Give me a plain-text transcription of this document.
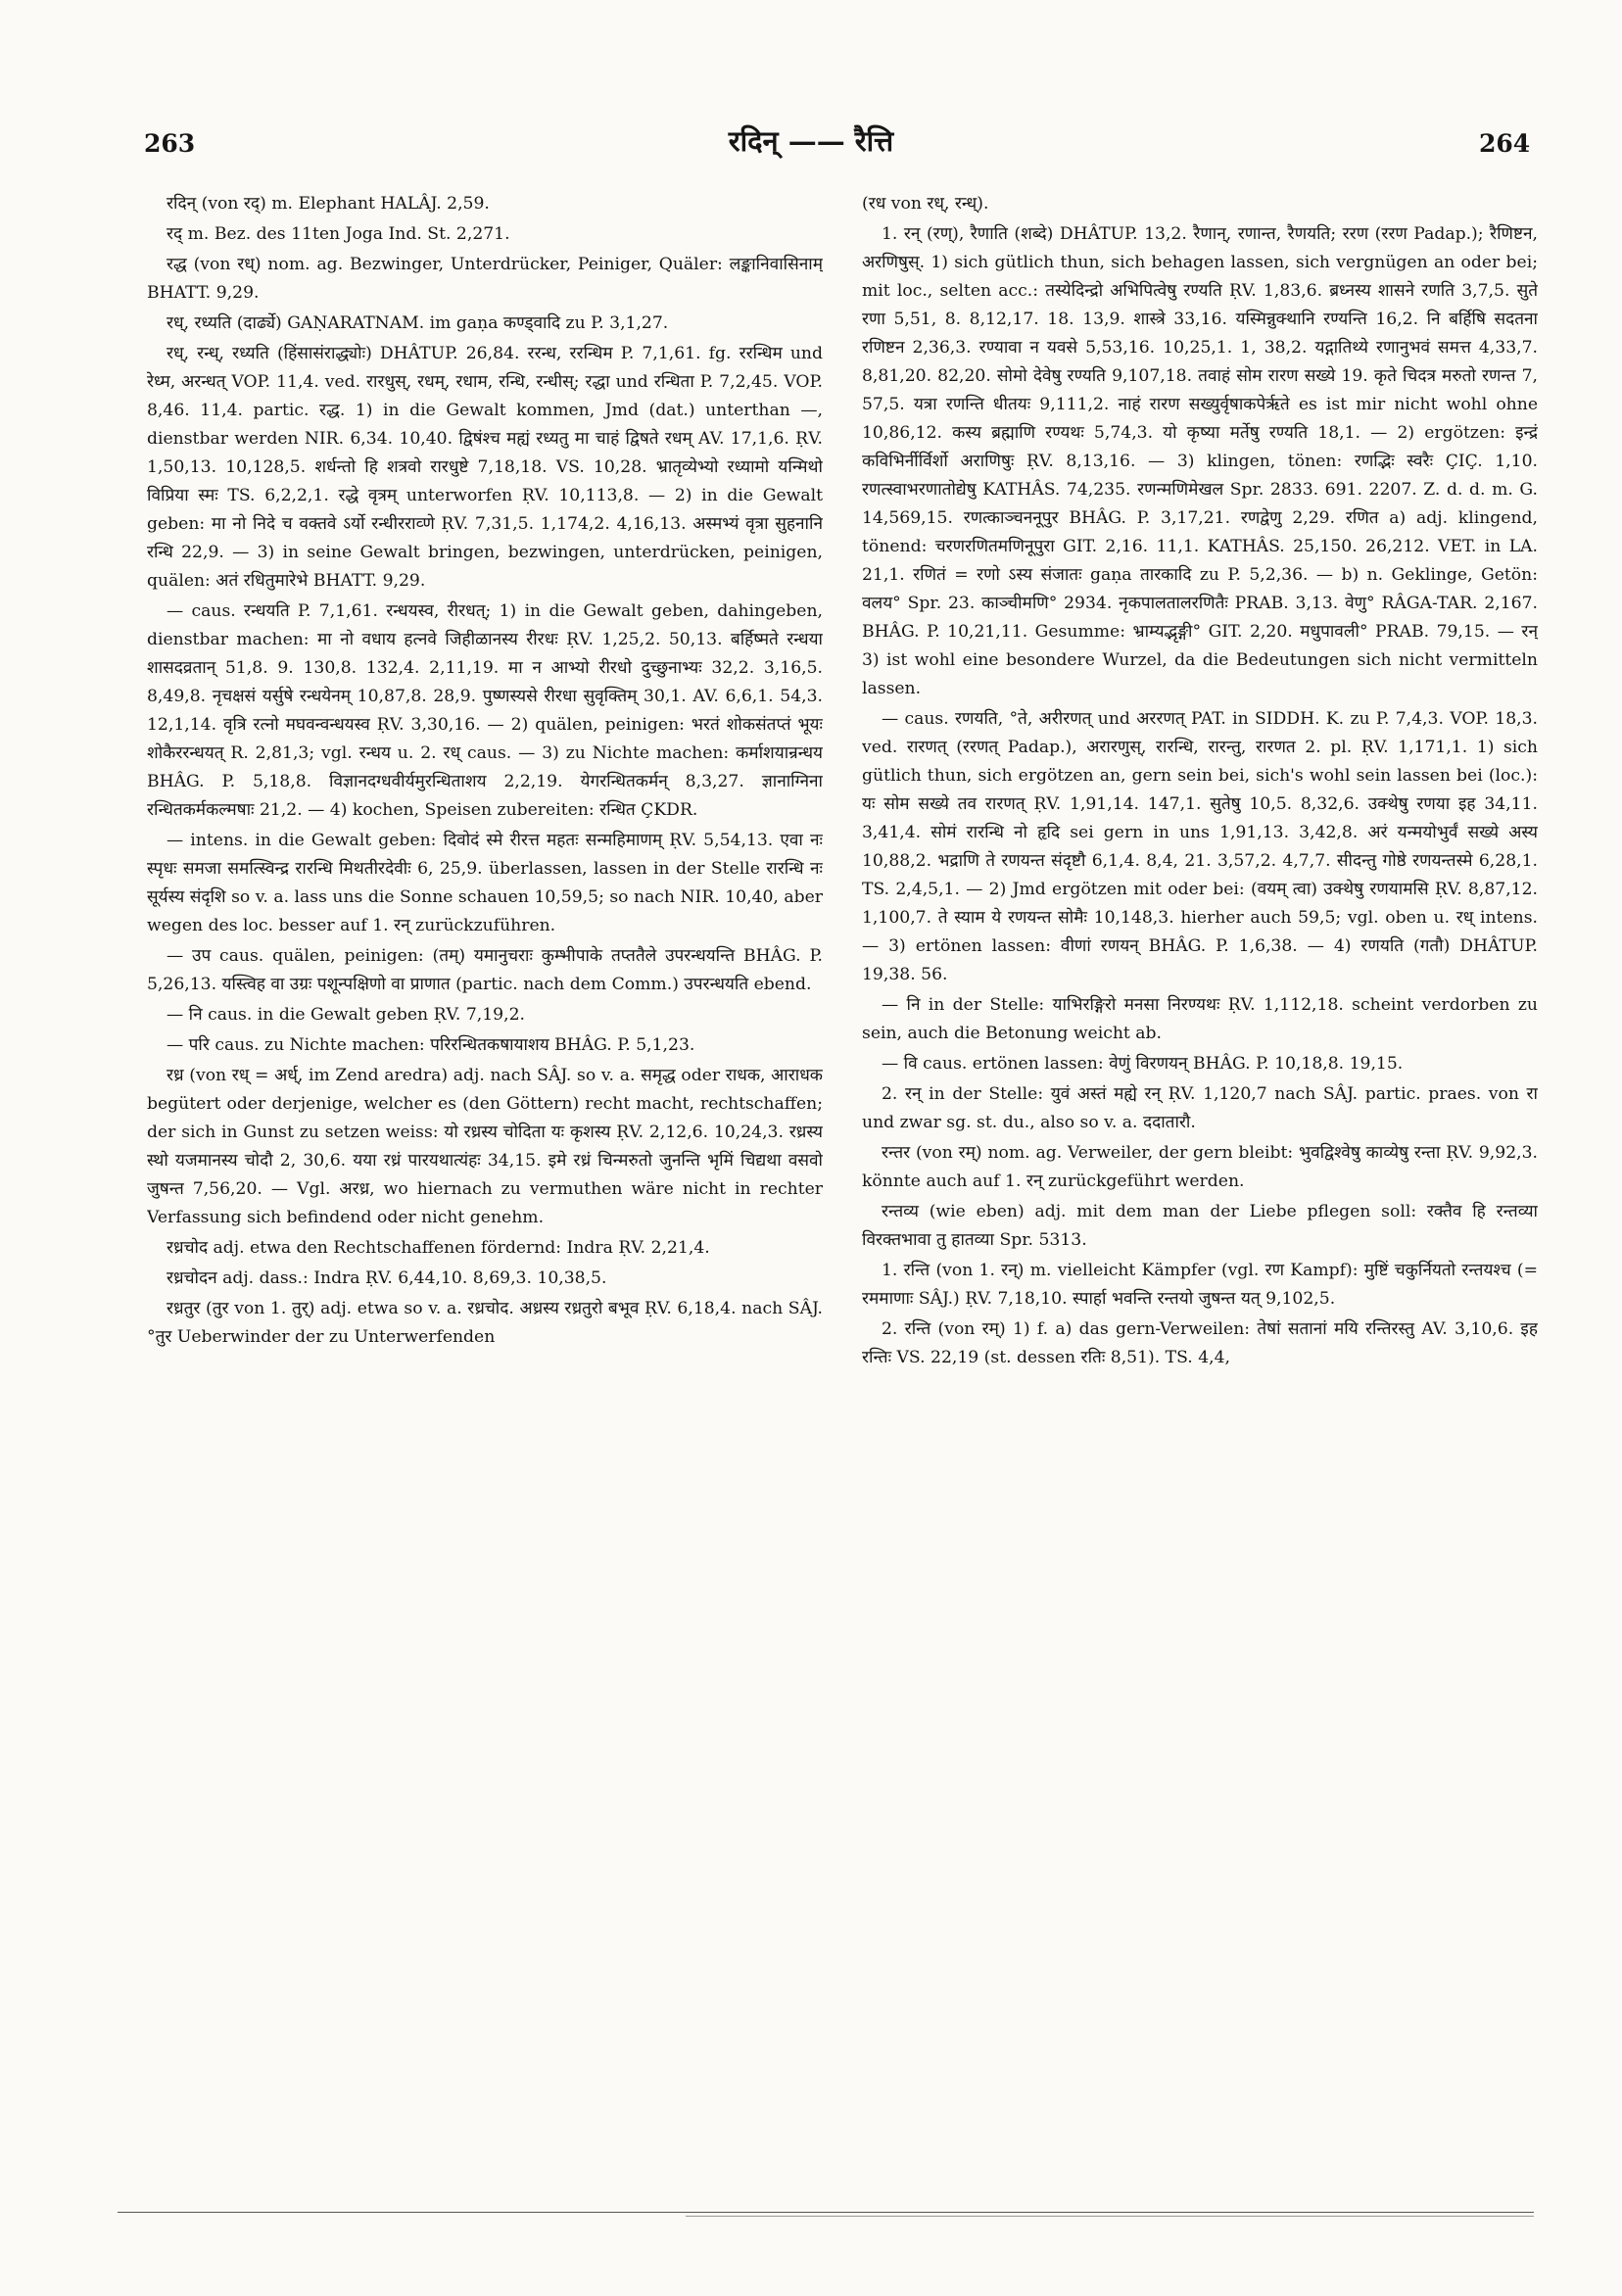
263	रदिन् —— रैत्ति	264

रदिन् (von रद्) m. Elephant HALÂJ. 2,59.

रद् m. Bez. des 11ten Joga Ind. St. 2,271.

रद्ध (von रध्) nom. ag. Bezwinger, Unterdrücker, Peiniger, Quäler: लङ्कानिवासिनाम् BHATT. 9,29.

रध्, रध्यति (दार्ढ्ये) GAṆARATNAM. im gaṇa कण्ड्वादि zu P. 3,1,27.

रध्, रन्ध्, रध्यति (हिंसासंराद्ध्योः) DHÂTUP. 26,84. ररन्ध, ररन्धिम P. 7,1,61. fg. ररन्धिम und रेध्म, अरन्धत् VOP. 11,4. ved. रारधुस्, रधम्, रधाम, रन्धि, रन्धीस्; रद्धा und रन्धिता P. 7,2,45. VOP. 8,46. 11,4. partic. रद्ध. 1) in die Gewalt kommen, Jmd (dat.) unterthan —, dienstbar werden NIR. 6,34. 10,40. द्विषंश्च मह्यं रध्यतु मा चाहं द्विषते रधम् AV. 17,1,6. ṚV. 1,50,13. 10,128,5. शर्धन्तो हि शत्रवो रारधुष्टे 7,18,18. VS. 10,28. भ्रातृव्येभ्यो रध्यामो यन्मिथो विप्रिया स्मः TS. 6,2,2,1. रद्धे वृत्रम् unterworfen ṚV. 10,113,8. — 2) in die Gewalt geben: मा नो निदे च वक्तवे ऽर्यो रन्धीरराव्णे ṚV. 7,31,5. 1,174,2. 4,16,13. अस्मभ्यं वृत्रा सुहनानि रन्धि 22,9. — 3) in seine Gewalt bringen, bezwingen, unterdrücken, peinigen, quälen: अतं रधितुमारेभे BHATT. 9,29.

— caus. रन्धयति P. 7,1,61. रन्धयस्व, रीरधत्; 1) in die Gewalt geben, dahingeben, dienstbar machen: मा नो वधाय हत्नवे जिहीळानस्य रीरधः ṚV. 1,25,2. 50,13. बर्हिष्मते रन्धया शासदव्रतान् 51,8. 9. 130,8. 132,4. 2,11,19. मा न आभ्यो रीरधो दुच्छुनाभ्यः 32,2. 3,16,5. 8,49,8. नृचक्षसं यर्सुषे रन्धयेनम् 10,87,8. 28,9. पुष्णस्यसे रीरधा सुवृक्तिम् 30,1. AV. 6,6,1. 54,3. 12,1,14. वृत्रि रत्नो मघवन्वन्धयस्व ṚV. 3,30,16. — 2) quälen, peinigen: भरतं शोकसंतप्तं भूयः शोकैररन्धयत् R. 2,81,3; vgl. रन्धय u. 2. रध् caus. — 3) zu Nichte machen: कर्माशयान्रन्धय BHÂG. P. 5,18,8. विज्ञानदग्धवीर्यमुरन्धिताशय 2,2,19. येगरन्धितकर्मन् 8,3,27. ज्ञानाग्निना रन्धितकर्मकल्मषाः 21,2. — 4) kochen, Speisen zubereiten: रन्धित ÇKDR.

— intens. in die Gewalt geben: दिवोदं स्मे रीरत्त महतः सन्महिमाणम् ṚV. 5,54,13. एवा नः स्पृधः समजा समत्स्विन्द्र रारन्धि मिथतीरदेवीः 6, 25,9. überlassen, lassen in der Stelle रारन्धि नः सूर्यस्य संदृशि so v. a. lass uns die Sonne schauen 10,59,5; so nach NIR. 10,40, aber wegen des loc. besser auf 1. रन् zurückzuführen.

— उप caus. quälen, peinigen: (तम्) यमानुचराः कुम्भीपाके तप्ततैले उपरन्धयन्ति BHÂG. P. 5,26,13. यस्त्विह वा उग्रः पशून्पक्षिणो वा प्राणात (partic. nach dem Comm.) उपरन्धयति ebend.

— नि caus. in die Gewalt geben ṚV. 7,19,2.

— परि caus. zu Nichte machen: परिरन्धितकषायाशय BHÂG. P. 5,1,23.

रध्र (von रध् = अर्ध्, im Zend aredra) adj. nach SÂJ. so v. a. समृद्ध oder राधक, आराधक begütert oder derjenige, welcher es (den Göttern) recht macht, rechtschaffen; der sich in Gunst zu setzen weiss: यो रध्रस्य चोदिता यः कृशस्य ṚV. 2,12,6. 10,24,3. रध्रस्य स्थो यजमानस्य चोदौ 2, 30,6. यया रध्रं पारयथात्यंहः 34,15. इमे रध्रं चिन्मरुतो जुनन्ति भृमिं चिद्यथा वसवो जुषन्त 7,56,20. — Vgl. अरध्र, wo hiernach zu vermuthen wäre nicht in rechter Verfassung sich befindend oder nicht genehm.

रध्रचोद adj. etwa den Rechtschaffenen fördernd: Indra ṚV. 2,21,4.

रध्रचोदन adj. dass.: Indra ṚV. 6,44,10. 8,69,3. 10,38,5.

रध्रतुर (तुर von 1. तुर्) adj. etwa so v. a. रध्रचोद. अध्रस्य रध्रतुरो बभूव ṚV. 6,18,4. nach SÂJ. °तुर Ueberwinder der zu Unterwerfenden

(रध von रध्, रन्ध्).

1. रन् (रण्), रैणाति (शब्दे) DHÂTUP. 13,2. रैणान्, रणान्त, रैणयति; ररण (ररण Padap.); रैणिष्टन, अरणिषुस्. 1) sich gütlich thun, sich behagen lassen, sich vergnügen an oder bei; mit loc., selten acc.: तस्येदिन्द्रो अभिपित्वेषु रण्यति ṚV. 1,83,6. ब्रध्नस्य शासने रणति 3,7,5. सुते रणा 5,51, 8. 8,12,17. 18. 13,9. शास्त्रे 33,16. यस्मिन्नुक्थानि रण्यन्ति 16,2. नि बर्हिषि सदतना रणिष्टन 2,36,3. रण्यावा न यवसे 5,53,16. 10,25,1. 1, 38,2. यद्गातिथ्ये रणानुभवं समत्त 4,33,7. 8,81,20. 82,20. सोमो देवेषु रण्यति 9,107,18. तवाहं सोम रारण सख्ये 19. कृते चिदत्र मरुतो रणन्त 7, 57,5. यत्रा रणन्ति धीतयः 9,111,2. नाहं रारण सख्युर्वृषाकपेरृते es ist mir nicht wohl ohne 10,86,12. कस्य ब्रह्माणि रण्यथः 5,74,3. यो कृष्या मर्तेषु रण्यति 18,1. — 2) ergötzen: इन्द्रं कविभिर्नीर्विर्शो अराणिषुः ṚV. 8,13,16. — 3) klingen, tönen: रणद्भिः स्वरैः ÇIÇ. 1,10. रणत्स्वाभरणातोद्येषु KATHÂS. 74,235. रणन्मणिमेखल Spr. 2833. 691. 2207. Z. d. d. m. G. 14,569,15. रणत्काञ्चननूपुर BHÂG. P. 3,17,21. रणद्वेणु 2,29. रणित a) adj. klingend, tönend: चरणरणितमणिनूपुरा GIT. 2,16. 11,1. KATHÂS. 25,150. 26,212. VET. in LA. 21,1. रणितं = रणो ऽस्य संजातः gaṇa तारकादि zu P. 5,2,36. — b) n. Geklinge, Getön: वलय° Spr. 23. काञ्चीमणि° 2934. नृकपालतालरणितैः PRAB. 3,13. वेणु° RÂGA-TAR. 2,167. BHÂG. P. 10,21,11. Gesumme: भ्राम्यद्भृङ्गी° GIT. 2,20. मधुपावली° PRAB. 79,15. — रन् 3) ist wohl eine besondere Wurzel, da die Bedeutungen sich nicht vermitteln lassen.

— caus. रणयति, °ते, अरीरणत् und अररणत् PAT. in SIDDH. K. zu P. 7,4,3. VOP. 18,3. ved. रारणत् (ररणत् Padap.), अरारणुस्, रारन्धि, रारन्तु, रारणत 2. pl. ṚV. 1,171,1. 1) sich gütlich thun, sich ergötzen an, gern sein bei, sich's wohl sein lassen bei (loc.): यः सोम सख्ये तव रारणत् ṚV. 1,91,14. 147,1. सुतेषु 10,5. 8,32,6. उक्थेषु रणया इह 34,11. 3,41,4. सोमं रारन्धि नो हृदि sei gern in uns 1,91,13. 3,42,8. अरं यन्मयोभुर्वं सख्ये अस्य 10,88,2. भद्राणि ते रणयन्त संदृष्टौ 6,1,4. 8,4, 21. 3,57,2. 4,7,7. सीदन्तु गोष्ठे रणयन्तस्मे 6,28,1. TS. 2,4,5,1. — 2) Jmd ergötzen mit oder bei: (वयम् त्वा) उक्थेषु रणयामसि ṚV. 8,87,12. 1,100,7. ते स्याम ये रणयन्त सोमैः 10,148,3. hierher auch 59,5; vgl. oben u. रध् intens. — 3) ertönen lassen: वीणां रणयन् BHÂG. P. 1,6,38. — 4) रणयति (गतौ) DHÂTUP. 19,38. 56.

— नि in der Stelle: याभिरङ्गिरो मनसा निरण्यथः ṚV. 1,112,18. scheint verdorben zu sein, auch die Betonung weicht ab.

— वि caus. ertönen lassen: वेणुं विरणयन् BHÂG. P. 10,18,8. 19,15.

2. रन् in der Stelle: युवं अस्तं मह्ये रन् ṚV. 1,120,7 nach SÂJ. partic. praes. von रा und zwar sg. st. du., also so v. a. ददातारौ.

रन्तर (von रम्) nom. ag. Verweiler, der gern bleibt: भुवद्विश्वेषु काव्येषु रन्ता ṚV. 9,92,3. könnte auch auf 1. रन् zurückgeführt werden.

रन्तव्य (wie eben) adj. mit dem man der Liebe pflegen soll: रक्तैव हि रन्तव्या विरक्तभावा तु हातव्या Spr. 5313.

1. रन्ति (von 1. रन्) m. vielleicht Kämpfer (vgl. रण Kampf): मुष्टिं चकुर्नियतो रन्तयश्च (= रममाणाः SÂJ.) ṚV. 7,18,10. स्पार्हा भवन्ति रन्तयो जुषन्त यत् 9,102,5.

2. रन्ति (von रम्) 1) f. a) das gern-Verweilen: तेषां सतानां मयि रन्तिरस्तु AV. 3,10,6. इह रन्तिः VS. 22,19 (st. dessen रतिः 8,51). TS. 4,4,
